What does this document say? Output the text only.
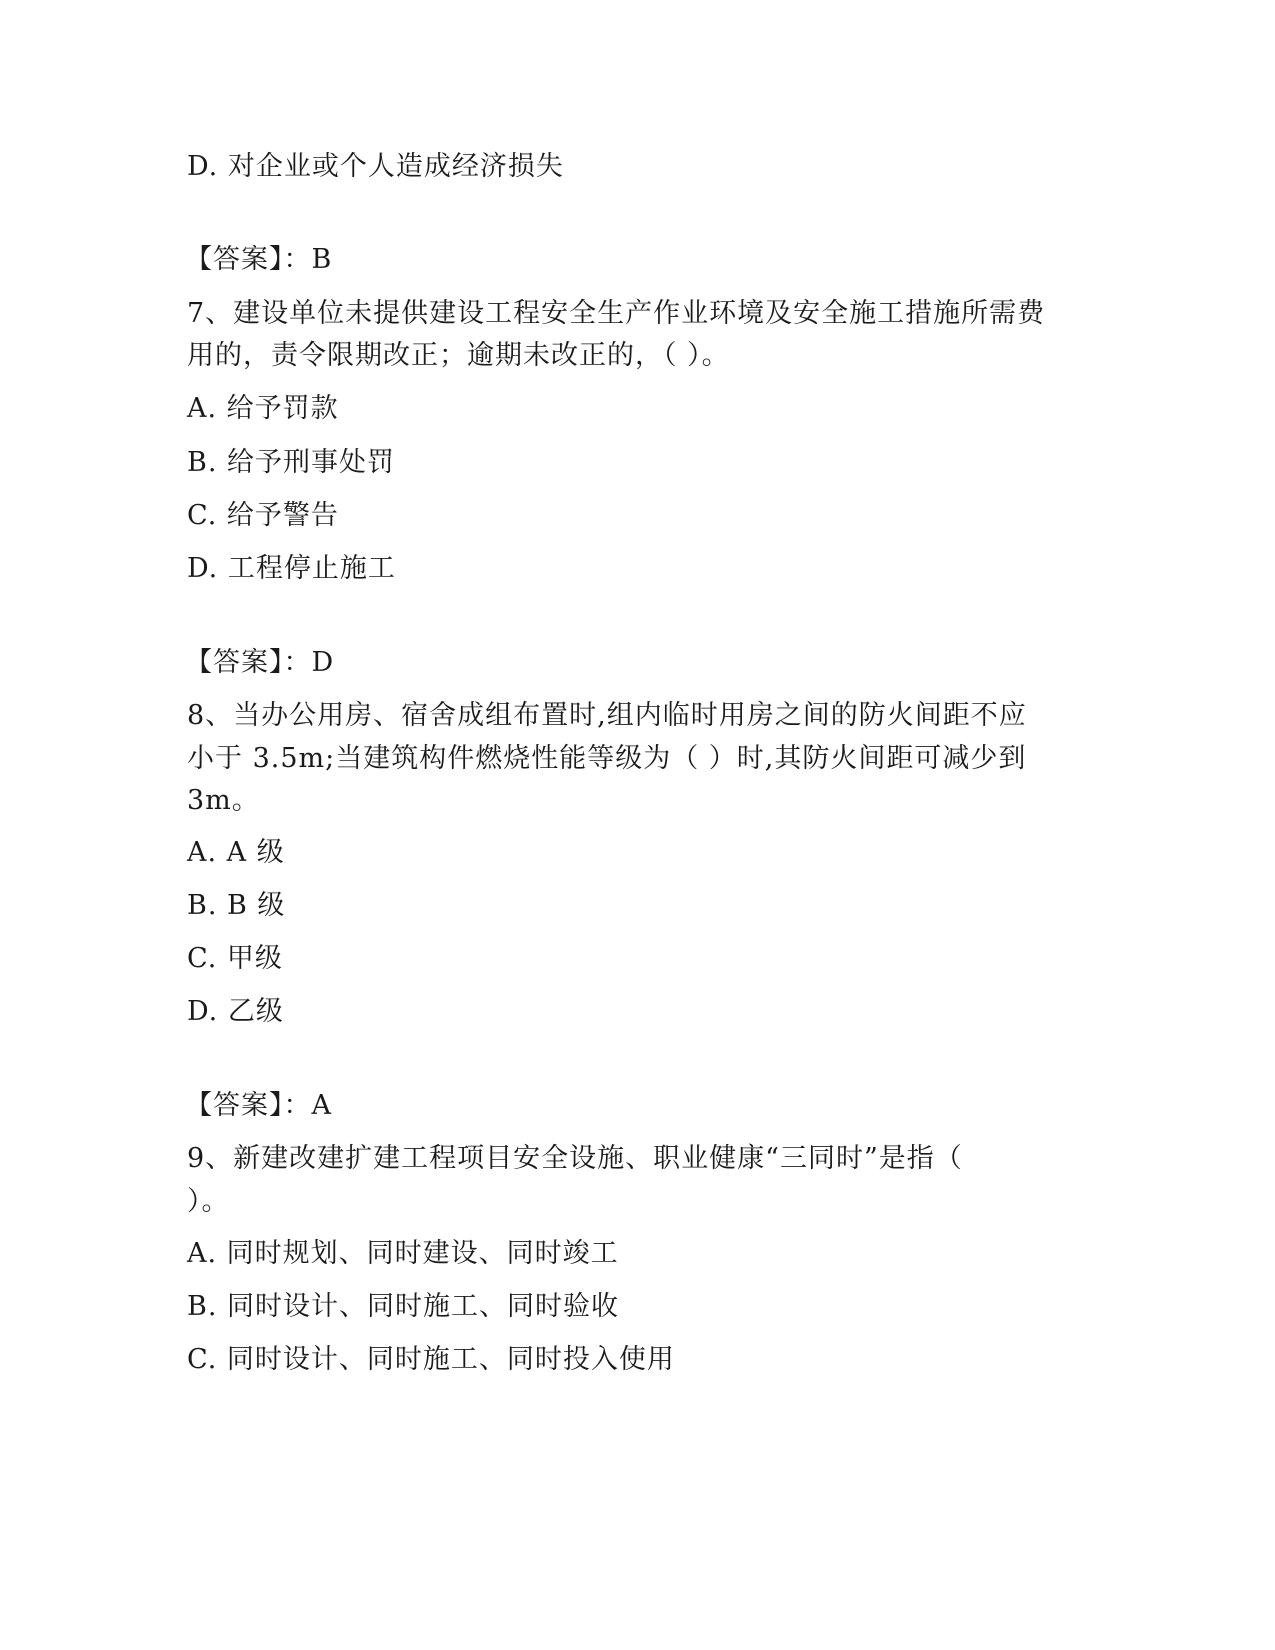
D. 对企业或个人造成经济损失
【答案】：B
7、建设单位未提供建设工程安全生产作业环境及安全施工措施所需费
用的，责令限期改正；逾期未改正的，（ ）。
A. 给予罚款
B. 给予刑事处罚
C. 给予警告
D. 工程停止施工
【答案】：D
8、当办公用房、宿舍成组布置时,组内临时用房之间的防火间距不应
小于 3.5m;当建筑构件燃烧性能等级为（ ）时,其防火间距可减少到
3m。
A. A 级
B. B 级
C. 甲级
D. 乙级
【答案】：A
9、新建改建扩建工程项目安全设施、职业健康“三同时”是指（
）。
A. 同时规划、同时建设、同时竣工
B. 同时设计、同时施工、同时验收
C. 同时设计、同时施工、同时投入使用
